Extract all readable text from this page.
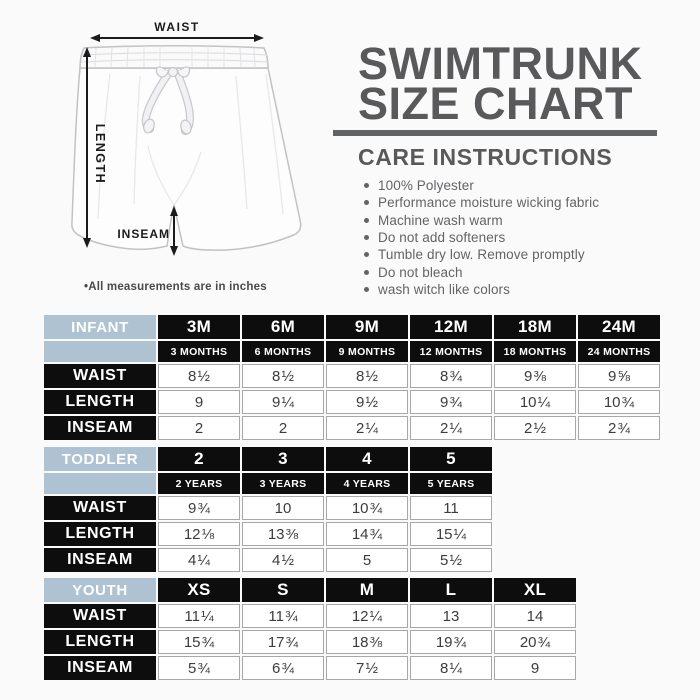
WAIST
LENGTH
INSEAM
•All measurements are in inches
SWIMTRUNK
SIZE CHART
CARE INSTRUCTIONS
100% Polyester
Performance moisture wicking fabric
Machine wash warm
Do not add softeners
Tumble dry low. Remove promptly
Do not bleach
wash witch like colors
INFANT	3M	6M	9M	12M	18M	24M
3 MONTHS	6 MONTHS	9 MONTHS	12 MONTHS	18 MONTHS	24 MONTHS
WAIST	8 ½	8 ½	8 ½	8 ¾	9 ⅜	9 ⅝
LENGTH	9	9 ¼	9 ½	9 ¾	10 ¼	10 ¾
INSEAM	2	2	2 ¼	2 ¼	2 ½	2 ¾
TODDLER	2	3	4	5
2 YEARS	3 YEARS	4 YEARS	5 YEARS
WAIST	9 ¾	10	10 ¾	11
LENGTH	12 ⅛	13 ⅜	14 ¾	15 ¼
INSEAM	4 ¼	4 ½	5	5 ½
YOUTH	XS	S	M	L	XL
WAIST	11 ¼	11 ¾	12 ¼	13	14
LENGTH	15 ¾	17 ¾	18 ⅜	19 ¾	20 ¾
INSEAM	5 ¾	6 ¾	7 ½	8 ¼	9
